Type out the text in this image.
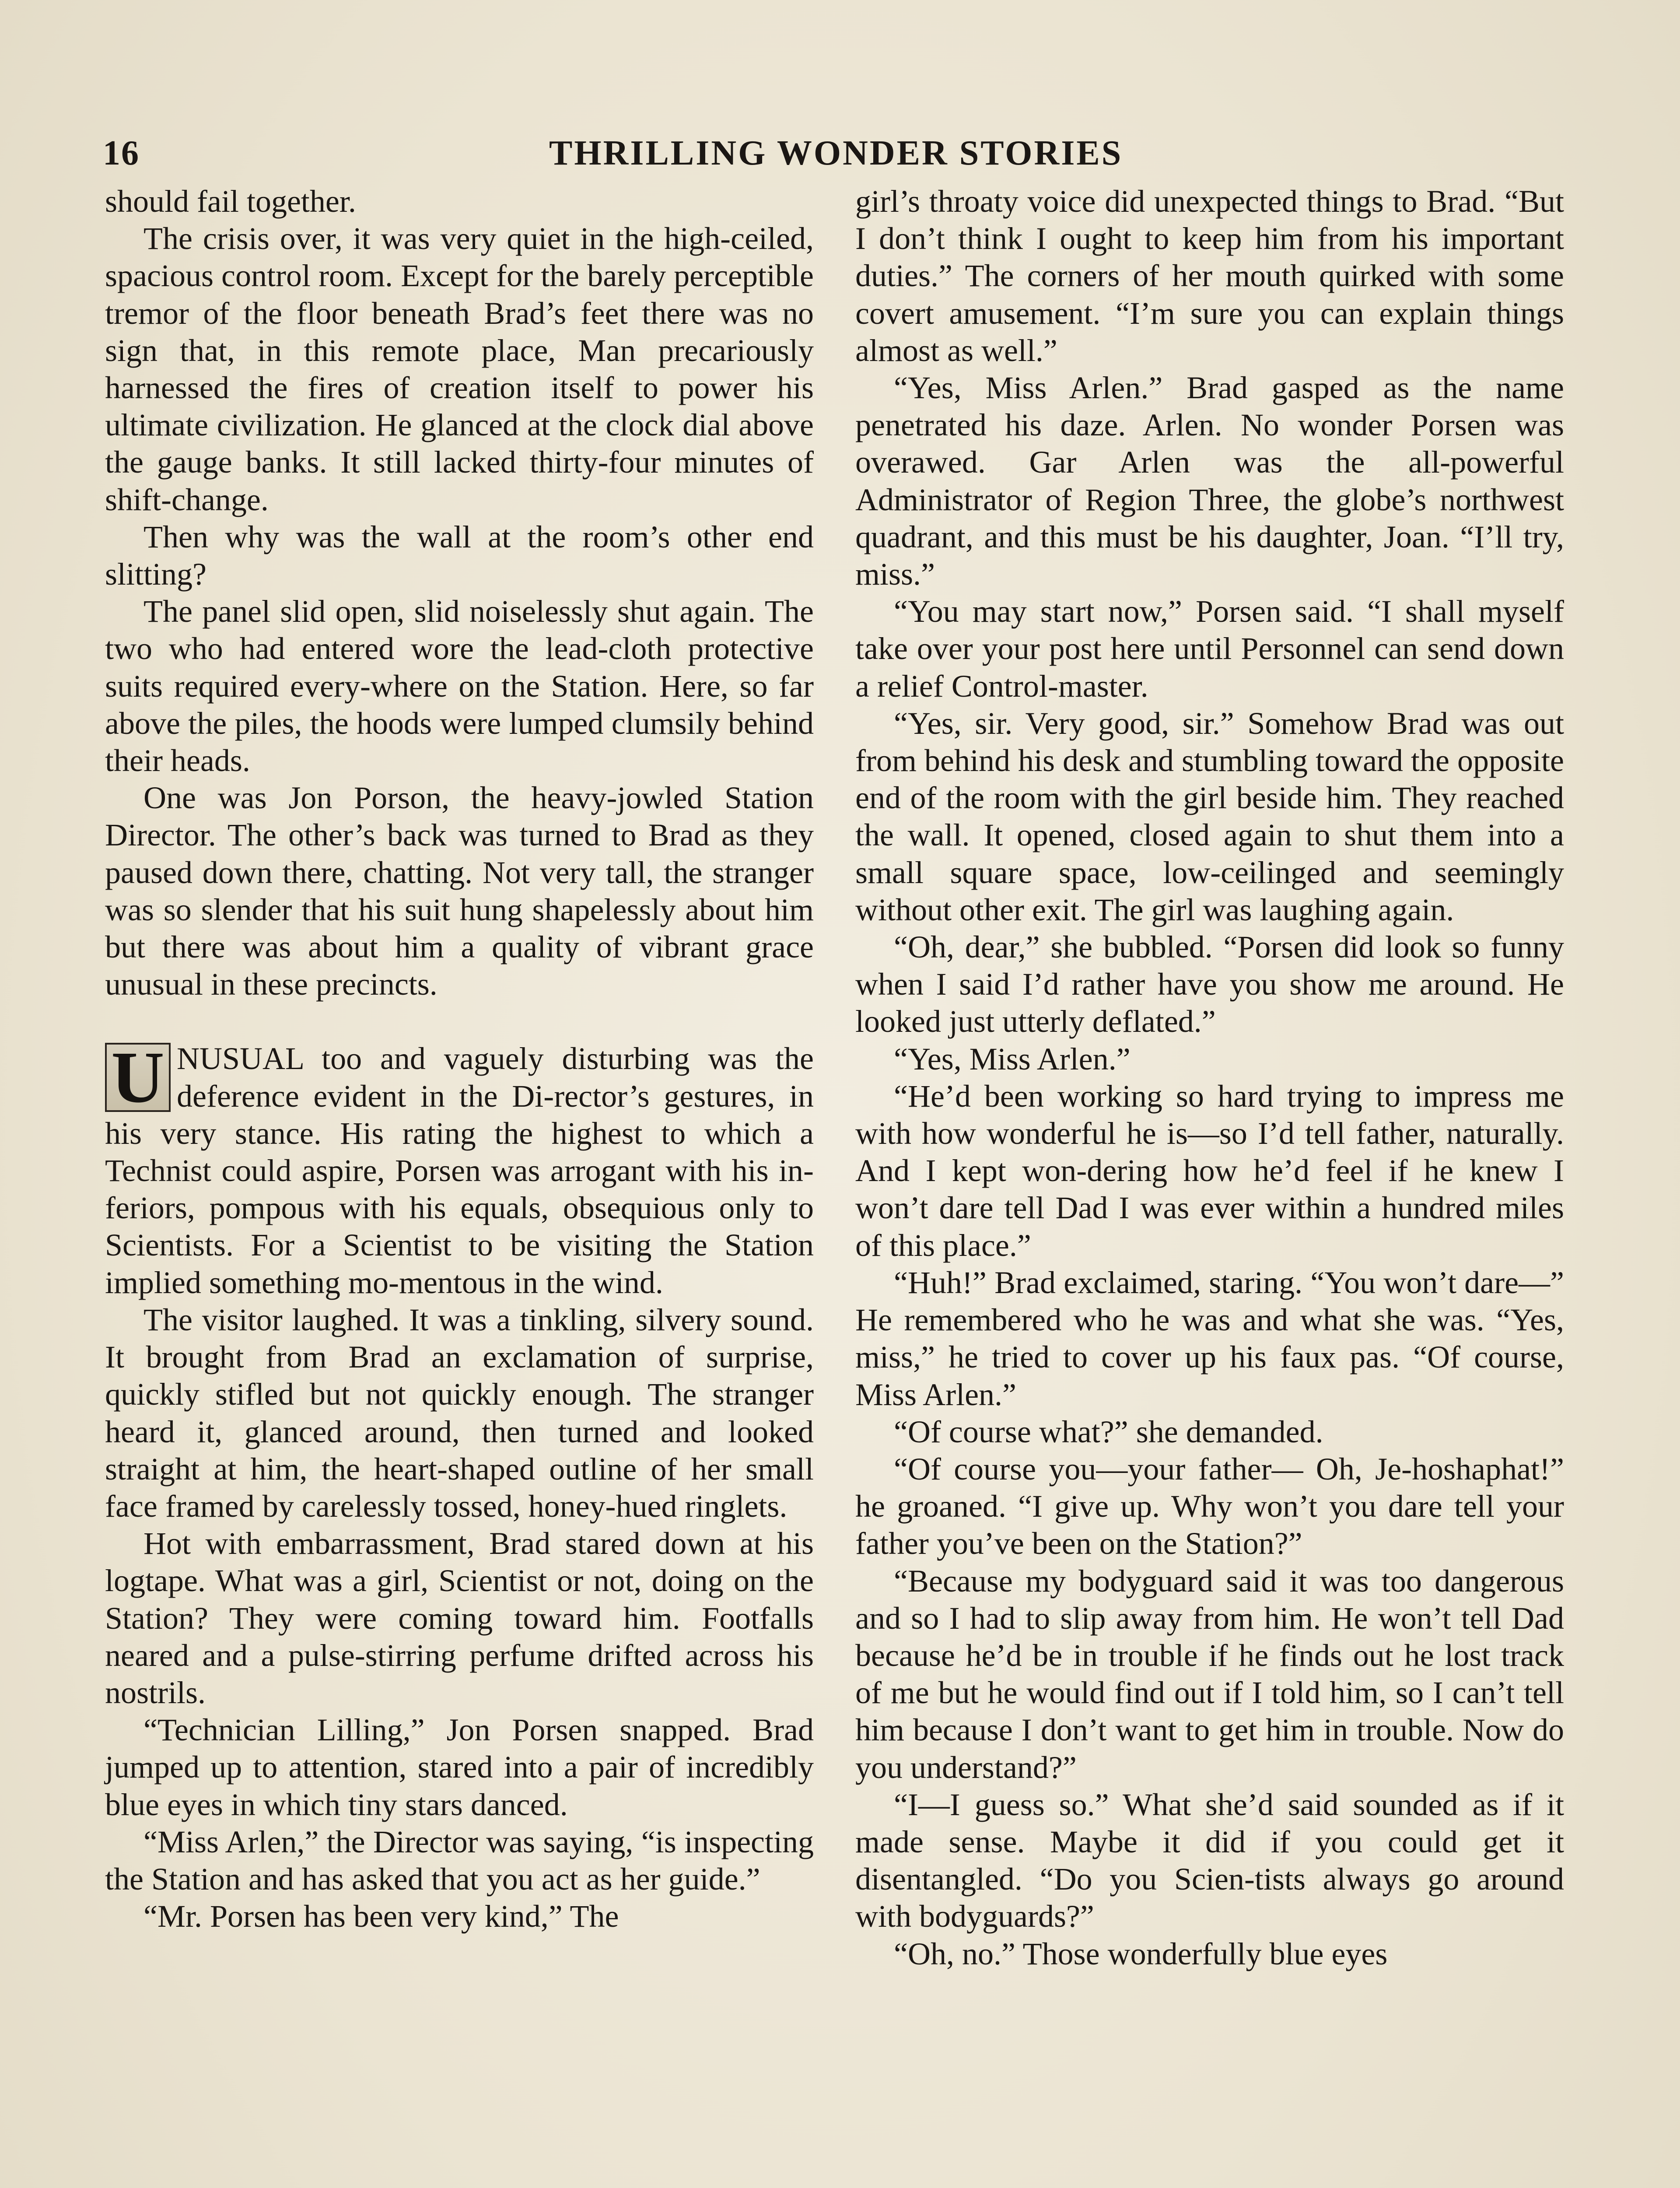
16	THRILLING WONDER STORIES

should fail together.

The crisis over, it was very quiet in the high-ceiled, spacious control room. Except for the barely perceptible tremor of the floor beneath Brad’s feet there was no sign that, in this remote place, Man precariously harnessed the fires of creation itself to power his ultimate civilization. He glanced at the clock dial above the gauge banks. It still lacked thirty-four minutes of shift-change.

Then why was the wall at the room’s other end slitting?

The panel slid open, slid noiselessly shut again. The two who had entered wore the lead-cloth protective suits required every-where on the Station. Here, so far above the piles, the hoods were lumped clumsily behind their heads.

One was Jon Porson, the heavy-jowled Station Director. The other’s back was turned to Brad as they paused down there, chatting. Not very tall, the stranger was so slender that his suit hung shapelessly about him but there was about him a quality of vibrant grace unusual in these precincts.

U NUSUAL too and vaguely disturbing was the deference evident in the Di-rector’s gestures, in his very stance. His rating the highest to which a Technist could aspire, Porsen was arrogant with his in-feriors, pompous with his equals, obsequious only to Scientists. For a Scientist to be visiting the Station implied something mo-mentous in the wind.

The visitor laughed. It was a tinkling, silvery sound. It brought from Brad an exclamation of surprise, quickly stifled but not quickly enough. The stranger heard it, glanced around, then turned and looked straight at him, the heart-shaped outline of her small face framed by carelessly tossed, honey-hued ringlets.

Hot with embarrassment, Brad stared down at his logtape. What was a girl, Scientist or not, doing on the Station? They were coming toward him. Footfalls neared and a pulse-stirring perfume drifted across his nostrils.

“Technician Lilling,” Jon Porsen snapped. Brad jumped up to attention, stared into a pair of incredibly blue eyes in which tiny stars danced.

“Miss Arlen,” the Director was saying, “is inspecting the Station and has asked that you act as her guide.”

“Mr. Porsen has been very kind,” The

girl’s throaty voice did unexpected things to Brad. “But I don’t think I ought to keep him from his important duties.” The corners of her mouth quirked with some covert amusement. “I’m sure you can explain things almost as well.”

“Yes, Miss Arlen.” Brad gasped as the name penetrated his daze. Arlen. No wonder Porsen was overawed. Gar Arlen was the all-powerful Administrator of Region Three, the globe’s northwest quadrant, and this must be his daughter, Joan. “I’ll try, miss.”

“You may start now,” Porsen said. “I shall myself take over your post here until Personnel can send down a relief Control-master.

“Yes, sir. Very good, sir.” Somehow Brad was out from behind his desk and stumbling toward the opposite end of the room with the girl beside him. They reached the wall. It opened, closed again to shut them into a small square space, low-ceilinged and seemingly without other exit. The girl was laughing again.

“Oh, dear,” she bubbled. “Porsen did look so funny when I said I’d rather have you show me around. He looked just utterly deflated.”

“Yes, Miss Arlen.”

“He’d been working so hard trying to impress me with how wonderful he is—so I’d tell father, naturally. And I kept won-dering how he’d feel if he knew I won’t dare tell Dad I was ever within a hundred miles of this place.”

“Huh!” Brad exclaimed, staring. “You won’t dare—” He remembered who he was and what she was. “Yes, miss,” he tried to cover up his faux pas. “Of course, Miss Arlen.”

“Of course what?” she demanded.

“Of course you—your father— Oh, Je-hoshaphat!” he groaned. “I give up. Why won’t you dare tell your father you’ve been on the Station?”

“Because my bodyguard said it was too dangerous and so I had to slip away from him. He won’t tell Dad because he’d be in trouble if he finds out he lost track of me but he would find out if I told him, so I can’t tell him because I don’t want to get him in trouble. Now do you understand?”

“I—I guess so.” What she’d said sounded as if it made sense. Maybe it did if you could get it disentangled. “Do you Scien-tists always go around with bodyguards?”

“Oh, no.” Those wonderfully blue eyes
